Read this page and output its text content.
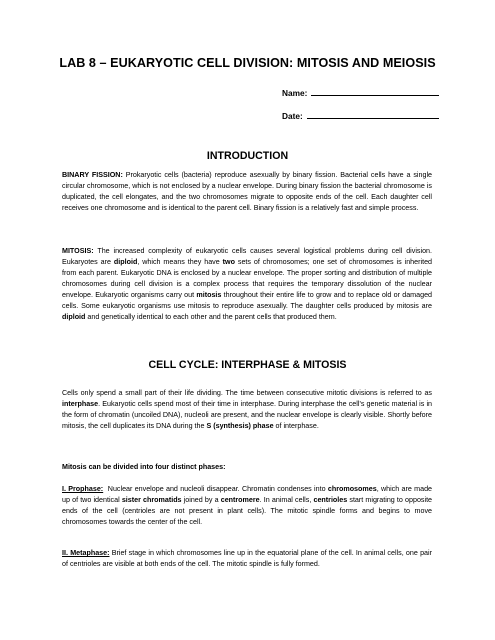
LAB 8 – EUKARYOTIC CELL DIVISION: MITOSIS AND MEIOSIS
Name:
Date:
INTRODUCTION

BINARY FISSION: Prokaryotic cells (bacteria) reproduce asexually by binary fission. Bacterial cells have a single circular chromosome, which is not enclosed by a nuclear envelope. During binary fission the bacterial chromosome is duplicated, the cell elongates, and the two chromosomes migrate to opposite ends of the cell. Each daughter cell receives one chromosome and is identical to the parent cell. Binary fission is a relatively fast and simple process.

MITOSIS: The increased complexity of eukaryotic cells causes several logistical problems during cell division. Eukaryotes are diploid, which means they have two sets of chromosomes; one set of chromosomes is inherited from each parent. Eukaryotic DNA is enclosed by a nuclear envelope. The proper sorting and distribution of multiple chromosomes during cell division is a complex process that requires the temporary dissolution of the nuclear envelope. Eukaryotic organisms carry out mitosis throughout their entire life to grow and to replace old or damaged cells. Some eukaryotic organisms use mitosis to reproduce asexually. The daughter cells produced by mitosis are diploid and genetically identical to each other and the parent cells that produced them.

CELL CYCLE: INTERPHASE & MITOSIS

Cells only spend a small part of their life dividing. The time between consecutive mitotic divisions is referred to as interphase. Eukaryotic cells spend most of their time in interphase. During interphase the cell's genetic material is in the form of chromatin (uncoiled DNA), nucleoli are present, and the nuclear envelope is clearly visible. Shortly before mitosis, the cell duplicates its DNA during the S (synthesis) phase of interphase.

Mitosis can be divided into four distinct phases:

I. Prophase: Nuclear envelope and nucleoli disappear. Chromatin condenses into chromosomes, which are made up of two identical sister chromatids joined by a centromere. In animal cells, centrioles start migrating to opposite ends of the cell (centrioles are not present in plant cells). The mitotic spindle forms and begins to move chromosomes towards the center of the cell.

II. Metaphase: Brief stage in which chromosomes line up in the equatorial plane of the cell. In animal cells, one pair of centrioles are visible at both ends of the cell. The mitotic spindle is fully formed.
